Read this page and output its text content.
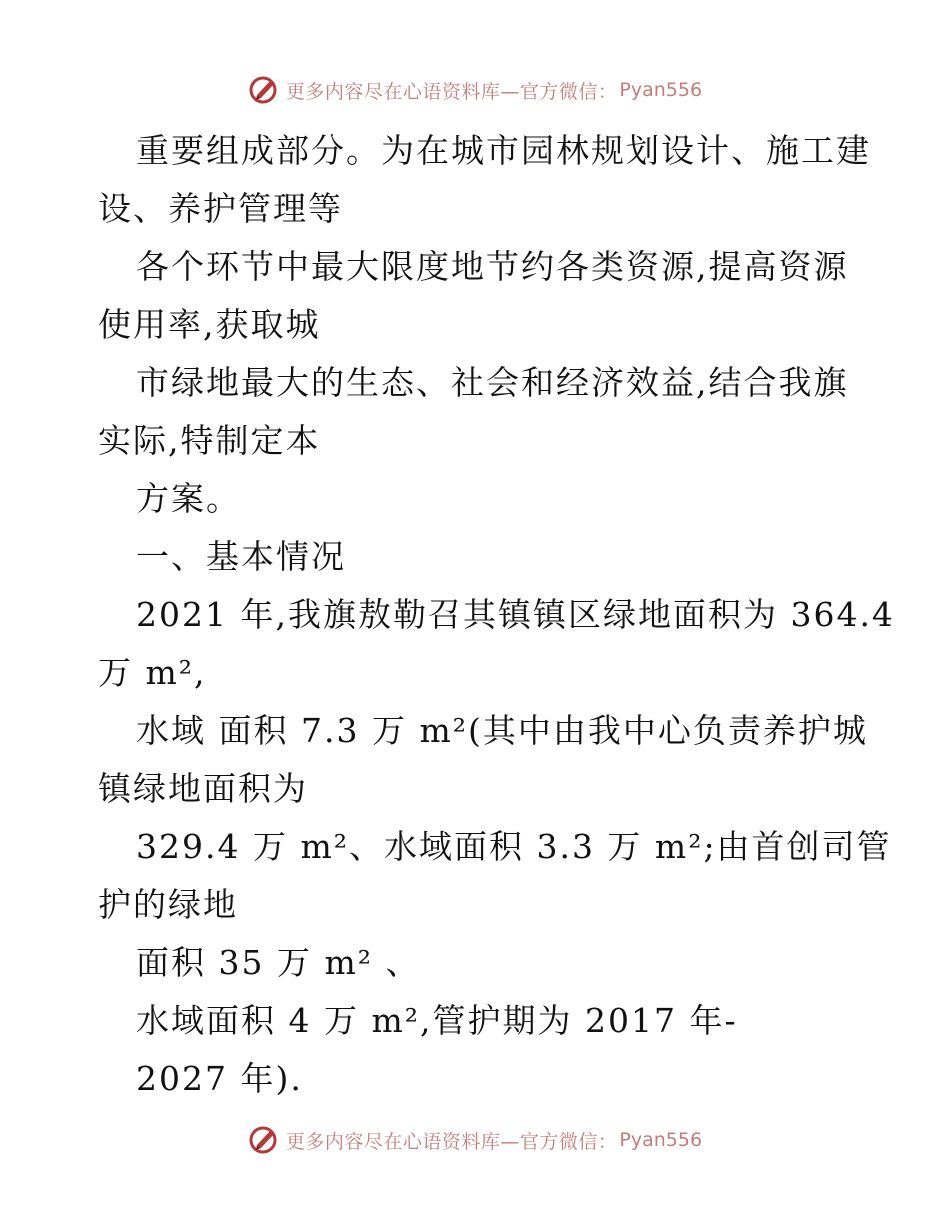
更多内容尽在心语资料库—官方微信： Pyan556
重要组成部分。为在城市园林规划设计、施工建
设、养护管理等
各个环节中最大限度地节约各类资源,提高资源
使用率,获取城
市绿地最大的生态、社会和经济效益,结合我旗
实际,特制定本
方案。
一、基本情况
2021 年,我旗敖勒召其镇镇区绿地面积为 364.4
万 m²,
水域 面积 7.3 万 m²(其中由我中心负责养护城
镇绿地面积为
329.4 万 m²、水域面积 3.3 万 m²;由首创司管
护的绿地
面积 35 万 m² 、
水域面积 4 万 m²,管护期为 2017 年-
2027 年).
更多内容尽在心语资料库—官方微信： Pyan556
